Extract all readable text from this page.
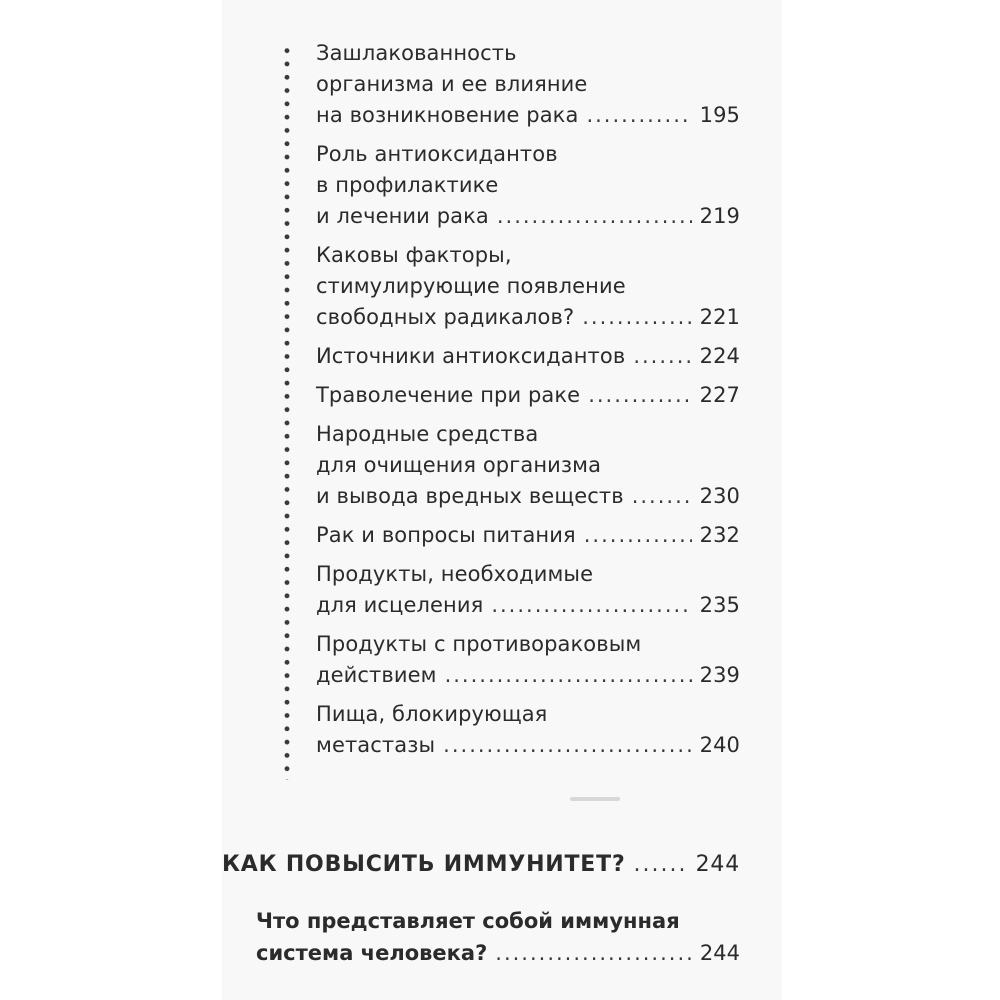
Зашлакованность
организма и ее влияние
на возникновение рака .....	195
Роль антиоксидантов
в профилактике
и лечении рака .....	219
Каковы факторы,
стимулирующие появление
свободных радикалов? .....	221
Источники антиоксидантов .....	224
Траволечение при раке .....	227
Народные средства
для очищения организма
и вывода вредных веществ .....	230
Рак и вопросы питания .....	232
Продукты, необходимые
для исцеления .....	235
Продукты с противораковым
действием .....	239
Пища, блокирующая
метастазы .....	240
КАК ПОВЫСИТЬ ИММУНИТЕТ? .....	244
Что представляет собой иммунная
система человека? .....	244
